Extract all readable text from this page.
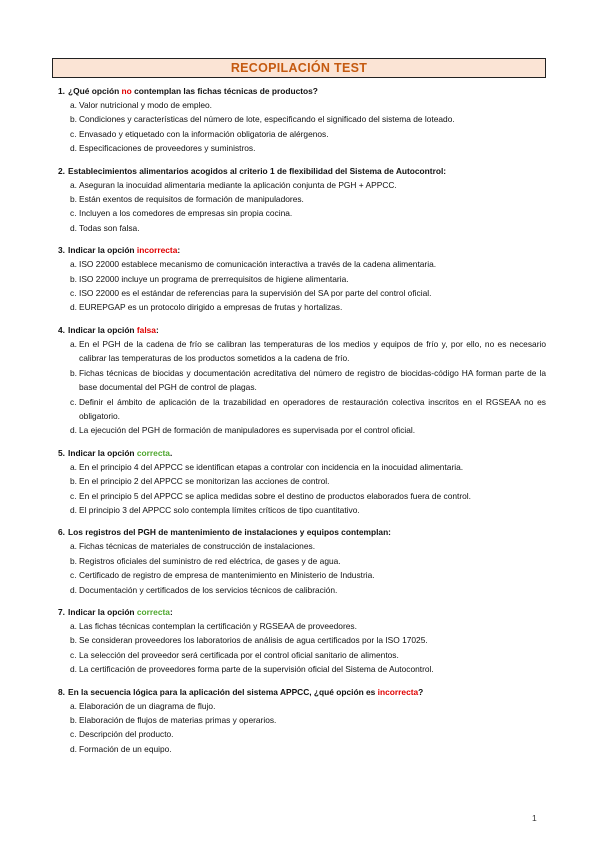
RECOPILACIÓN TEST
1. ¿Qué opción no contemplan las fichas técnicas de productos?
a. Valor nutricional y modo de empleo.
b. Condiciones y características del número de lote, especificando el significado del sistema de loteado.
c. Envasado y etiquetado con la información obligatoria de alérgenos.
d. Especificaciones de proveedores y suministros.
2. Establecimientos alimentarios acogidos al criterio 1 de flexibilidad del Sistema de Autocontrol:
a. Aseguran la inocuidad alimentaria mediante la aplicación conjunta de PGH + APPCC.
b. Están exentos de requisitos de formación de manipuladores.
c. Incluyen a los comedores de empresas sin propia cocina.
d. Todas son falsa.
3. Indicar la opción incorrecta:
a. ISO 22000 establece mecanismo de comunicación interactiva a través de la cadena alimentaria.
b. ISO 22000 incluye un programa de prerrequisitos de higiene alimentaria.
c. ISO 22000 es el estándar de referencias para la supervisión del SA por parte del control oficial.
d. EUREPGAP es un protocolo dirigido a empresas de frutas y hortalizas.
4. Indicar la opción falsa:
a. En el PGH de la cadena de frío se calibran las temperaturas de los medios y equipos de frío y, por ello, no es necesario calibrar las temperaturas de los productos sometidos a la cadena de frío.
b. Fichas técnicas de biocidas y documentación acreditativa del número de registro de biocidas-código HA forman parte de la base documental del PGH de control de plagas.
c. Definir el ámbito de aplicación de la trazabilidad en operadores de restauración colectiva inscritos en el RGSEAA no es obligatorio.
d. La ejecución del PGH de formación de manipuladores es supervisada por el control oficial.
5. Indicar la opción correcta.
a. En el principio 4 del APPCC se identifican etapas a controlar con incidencia en la inocuidad alimentaria.
b. En el principio 2 del APPCC se monitorizan las acciones de control.
c. En el principio 5 del APPCC se aplica medidas sobre el destino de productos elaborados fuera de control.
d. El principio 3 del APPCC solo contempla límites críticos de tipo cuantitativo.
6. Los registros del PGH de mantenimiento de instalaciones y equipos contemplan:
a. Fichas técnicas de materiales de construcción de instalaciones.
b. Registros oficiales del suministro de red eléctrica, de gases y de agua.
c. Certificado de registro de empresa de mantenimiento en Ministerio de Industria.
d. Documentación y certificados de los servicios técnicos de calibración.
7. Indicar la opción correcta:
a. Las fichas técnicas contemplan la certificación y RGSEAA de proveedores.
b. Se consideran proveedores los laboratorios de análisis de agua certificados por la ISO 17025.
c. La selección del proveedor será certificada por el control oficial sanitario de alimentos.
d. La certificación de proveedores forma parte de la supervisión oficial del Sistema de Autocontrol.
8. En la secuencia lógica para la aplicación del sistema APPCC, ¿qué opción es incorrecta?
a. Elaboración de un diagrama de flujo.
b. Elaboración de flujos de materias primas y operarios.
c. Descripción del producto.
d. Formación de un equipo.
1
